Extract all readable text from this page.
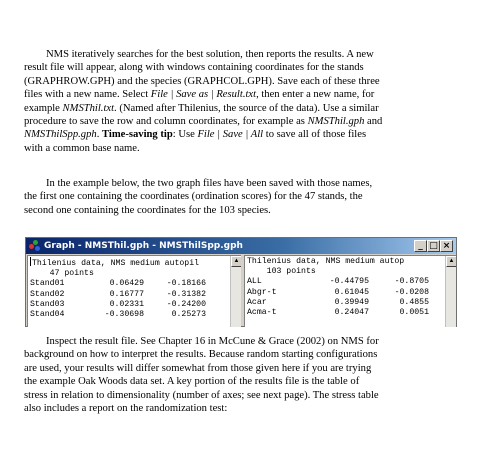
NMS iteratively searches for the best solution, then reports the results. A new
result file will appear, along with windows containing coordinates for the stands
(GRAPHROW.GPH) and the species (GRAPHCOL.GPH). Save each of these three
files with a new name. Select File | Save as | Result.txt, then enter a new name, for
example NMSThil.txt. (Named after Thilenius, the source of the data). Use a similar
procedure to save the row and column coordinates, for example as NMSThil.gph and
NMSThilSpp.gph. Time-saving tip: Use File | Save | All to save all of those files
with a common base name.
In the example below, the two graph files have been saved with those names,
the first one containing the coordinates (ordination scores) for the 47 stands, the
second one containing the coordinates for the 103 species.
Graph - NMSThil.gph - NMSThilSpp.gph	_ □ ×
Thilenius data, NMS medium autopil
47 points
Stand01	0.06429	-0.18166
Stand02	0.16777	-0.31382
Stand03	0.02331	-0.24200
Stand04	-0.30698	0.25273
▲ Thilenius data, NMS medium autop
103 points
ALL	-0.44795	-0.8705
Abgr-t	0.61045	-0.0208
Acar	0.39949	0.4855
Acma-t	0.24047	0.0051
▲
Inspect the result file. See Chapter 16 in McCune & Grace (2002) on NMS for
background on how to interpret the results. Because random starting configurations
are used, your results will differ somewhat from those given here if you are trying
the example Oak Woods data set. A key portion of the results file is the table of
stress in relation to dimensionality (number of axes; see next page). The stress table
also includes a report on the randomization test:
